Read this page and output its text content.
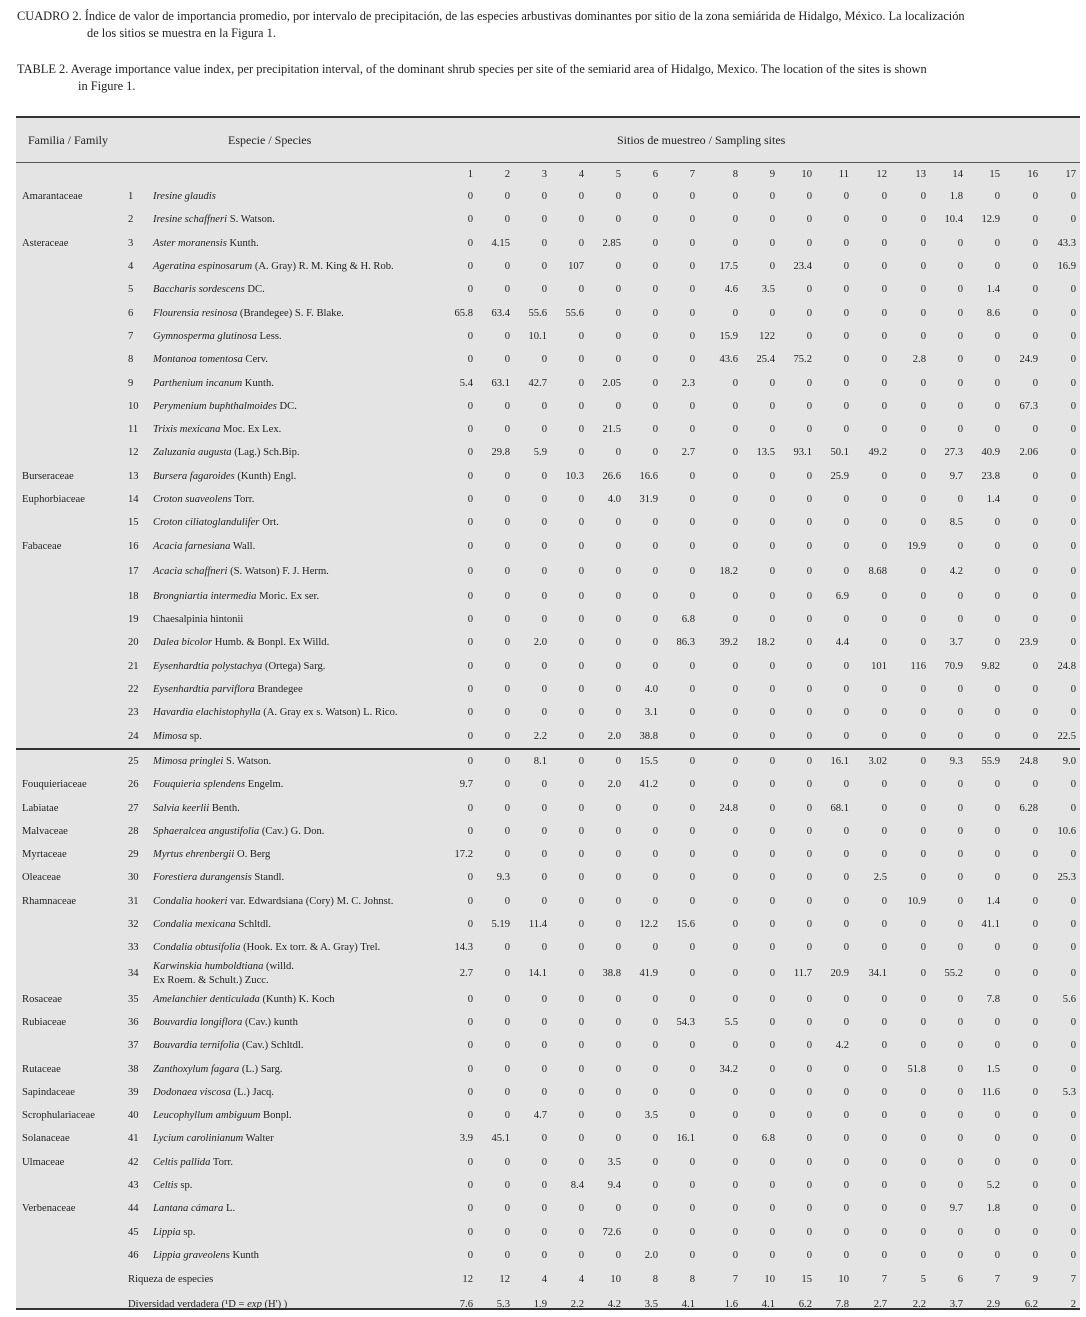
CUADRO 2. Índice de valor de importancia promedio, por intervalo de precipitación, de las especies arbustivas dominantes por sitio de la zona semiárida de Hidalgo, México. La localización
de los sitios se muestra en la Figura 1.
TABLE 2. Average importance value index, per precipitation interval, of the dominant shrub species per site of the semiarid area of Hidalgo, Mexico. The location of the sites is shown
in Figure 1.
Familia / Family		Especie / Species	Sitios de muestreo / Sampling sites																
			1	2	3	4	5	6	7	8	9	10	11	12	13	14	15	16	17
Amarantaceae	1	Iresine glaudis	0	0	0	0	0	0	0	0	0	0	0	0	0	1.8	0	0	0
	2	Iresine schaffneri S. Watson.	0	0	0	0	0	0	0	0	0	0	0	0	0	10.4	12.9	0	0
Asteraceae	3	Aster moranensis Kunth.	0	4.15	0	0	2.85	0	0	0	0	0	0	0	0	0	0	0	43.3
	4	Ageratina espinosarum (A. Gray) R. M. King & H. Rob.	0	0	0	107	0	0	0	17.5	0	23.4	0	0	0	0	0	0	16.9
	5	Baccharis sordescens DC.	0	0	0	0	0	0	0	4.6	3.5	0	0	0	0	0	1.4	0	0
	6	Flourensia resinosa (Brandegee) S. F. Blake.	65.8	63.4	55.6	55.6	0	0	0	0	0	0	0	0	0	0	8.6	0	0
	7	Gymnosperma glutinosa Less.	0	0	10.1	0	0	0	0	15.9	122	0	0	0	0	0	0	0	0
	8	Montanoa tomentosa Cerv.	0	0	0	0	0	0	0	43.6	25.4	75.2	0	0	2.8	0	0	24.9	0
	9	Parthenium incanum Kunth.	5.4	63.1	42.7	0	2.05	0	2.3	0	0	0	0	0	0	0	0	0	0
	10	Perymenium buphthalmoides DC.	0	0	0	0	0	0	0	0	0	0	0	0	0	0	0	67.3	0
	11	Trixis mexicana Moc. Ex Lex.	0	0	0	0	21.5	0	0	0	0	0	0	0	0	0	0	0	0
	12	Zaluzania augusta (Lag.) Sch.Bip.	0	29.8	5.9	0	0	0	2.7	0	13.5	93.1	50.1	49.2	0	27.3	40.9	2.06	0
Burseraceae	13	Bursera fagaroides (Kunth) Engl.	0	0	0	10.3	26.6	16.6	0	0	0	0	25.9	0	0	9.7	23.8	0	0
Euphorbiaceae	14	Croton suaveolens Torr.	0	0	0	0	4.0	31.9	0	0	0	0	0	0	0	0	1.4	0	0
	15	Croton ciliatoglandulifer Ort.	0	0	0	0	0	0	0	0	0	0	0	0	0	8.5	0	0	0
Fabaceae	16	Acacia farnesiana Wall.	0	0	0	0	0	0	0	0	0	0	0	0	19.9	0	0	0	0
	17	Acacia schaffneri (S. Watson) F. J. Herm.	0	0	0	0	0	0	0	18.2	0	0	0	8.68	0	4.2	0	0	0
	18	Brongniartia intermedia Moric. Ex ser.	0	0	0	0	0	0	0	0	0	0	6.9	0	0	0	0	0	0
	19	Chaesalpinia hintonii	0	0	0	0	0	0	6.8	0	0	0	0	0	0	0	0	0	0
	20	Dalea bicolor Humb. & Bonpl. Ex Willd.	0	0	2.0	0	0	0	86.3	39.2	18.2	0	4.4	0	0	3.7	0	23.9	0
	21	Eysenhardtia polystachya (Ortega) Sarg.	0	0	0	0	0	0	0	0	0	0	0	101	116	70.9	9.82	0	24.8
	22	Eysenhardtia parviflora Brandegee	0	0	0	0	0	4.0	0	0	0	0	0	0	0	0	0	0	0
	23	Havardia elachistophylla (A. Gray ex s. Watson) L. Rico.	0	0	0	0	0	3.1	0	0	0	0	0	0	0	0	0	0	0
	24	Mimosa sp.	0	0	2.2	0	2.0	38.8	0	0	0	0	0	0	0	0	0	0	22.5
	25	Mimosa pringlei S. Watson.	0	0	8.1	0	0	15.5	0	0	0	0	16.1	3.02	0	9.3	55.9	24.8	9.0
Fouquieriaceae	26	Fouquieria splendens Engelm.	9.7	0	0	0	2.0	41.2	0	0	0	0	0	0	0	0	0	0	0
Labiatae	27	Salvia keerlii Benth.	0	0	0	0	0	0	0	24.8	0	0	68.1	0	0	0	0	6.28	0
Malvaceae	28	Sphaeralcea angustifolia (Cav.) G. Don.	0	0	0	0	0	0	0	0	0	0	0	0	0	0	0	0	10.6
Myrtaceae	29	Myrtus ehrenbergii O. Berg	17.2	0	0	0	0	0	0	0	0	0	0	0	0	0	0	0	0
Oleaceae	30	Forestiera durangensis Standl.	0	9.3	0	0	0	0	0	0	0	0	0	2.5	0	0	0	0	25.3
Rhamnaceae	31	Condalia hookeri var. Edwardsiana (Cory) M. C. Johnst.	0	0	0	0	0	0	0	0	0	0	0	0	10.9	0	1.4	0	0
	32	Condalia mexicana Schltdl.	0	5.19	11.4	0	0	12.2	15.6	0	0	0	0	0	0	0	41.1	0	0
	33	Condalia obtusifolia (Hook. Ex torr. & A. Gray) Trel.	14.3	0	0	0	0	0	0	0	0	0	0	0	0	0	0	0	0
	34	Karwinskia humboldtiana (willd.
Ex Roem. & Schult.) Zucc.	2.7	0	14.1	0	38.8	41.9	0	0	0	11.7	20.9	34.1	0	55.2	0	0	0
Rosaceae	35	Amelanchier denticulada (Kunth) K. Koch	0	0	0	0	0	0	0	0	0	0	0	0	0	0	7.8	0	5.6
Rubiaceae	36	Bouvardia longiflora (Cav.) kunth	0	0	0	0	0	0	54.3	5.5	0	0	0	0	0	0	0	0	0
	37	Bouvardia ternifolia (Cav.) Schltdl.	0	0	0	0	0	0	0	0	0	0	4.2	0	0	0	0	0	0
Rutaceae	38	Zanthoxylum fagara (L.) Sarg.	0	0	0	0	0	0	0	34.2	0	0	0	0	51.8	0	1.5	0	0
Sapindaceae	39	Dodonaea viscosa (L.) Jacq.	0	0	0	0	0	0	0	0	0	0	0	0	0	0	11.6	0	5.3
Scrophulariaceae	40	Leucophyllum ambiguum Bonpl.	0	0	4.7	0	0	3.5	0	0	0	0	0	0	0	0	0	0	0
Solanaceae	41	Lycium carolinianum Walter	3.9	45.1	0	0	0	0	16.1	0	6.8	0	0	0	0	0	0	0	0
Ulmaceae	42	Celtis pallida Torr.	0	0	0	0	3.5	0	0	0	0	0	0	0	0	0	0	0	0
	43	Celtis sp.	0	0	0	8.4	9.4	0	0	0	0	0	0	0	0	0	5.2	0	0
Verbenaceae	44	Lantana cámara L.	0	0	0	0	0	0	0	0	0	0	0	0	0	9.7	1.8	0	0
	45	Lippia sp.	0	0	0	0	72.6	0	0	0	0	0	0	0	0	0	0	0	0
	46	Lippia graveolens Kunth	0	0	0	0	0	2.0	0	0	0	0	0	0	0	0	0	0	0
	Riqueza de especies		12	12	4	4	10	8	8	7	10	15	10	7	5	6	7	9	7
	Diversidad verdadera (¹D = exp (H') )		7.6	5.3	1.9	2.2	4.2	3.5	4.1	1.6	4.1	6.2	7.8	2.7	2.2	3.7	2.9	6.2	2
